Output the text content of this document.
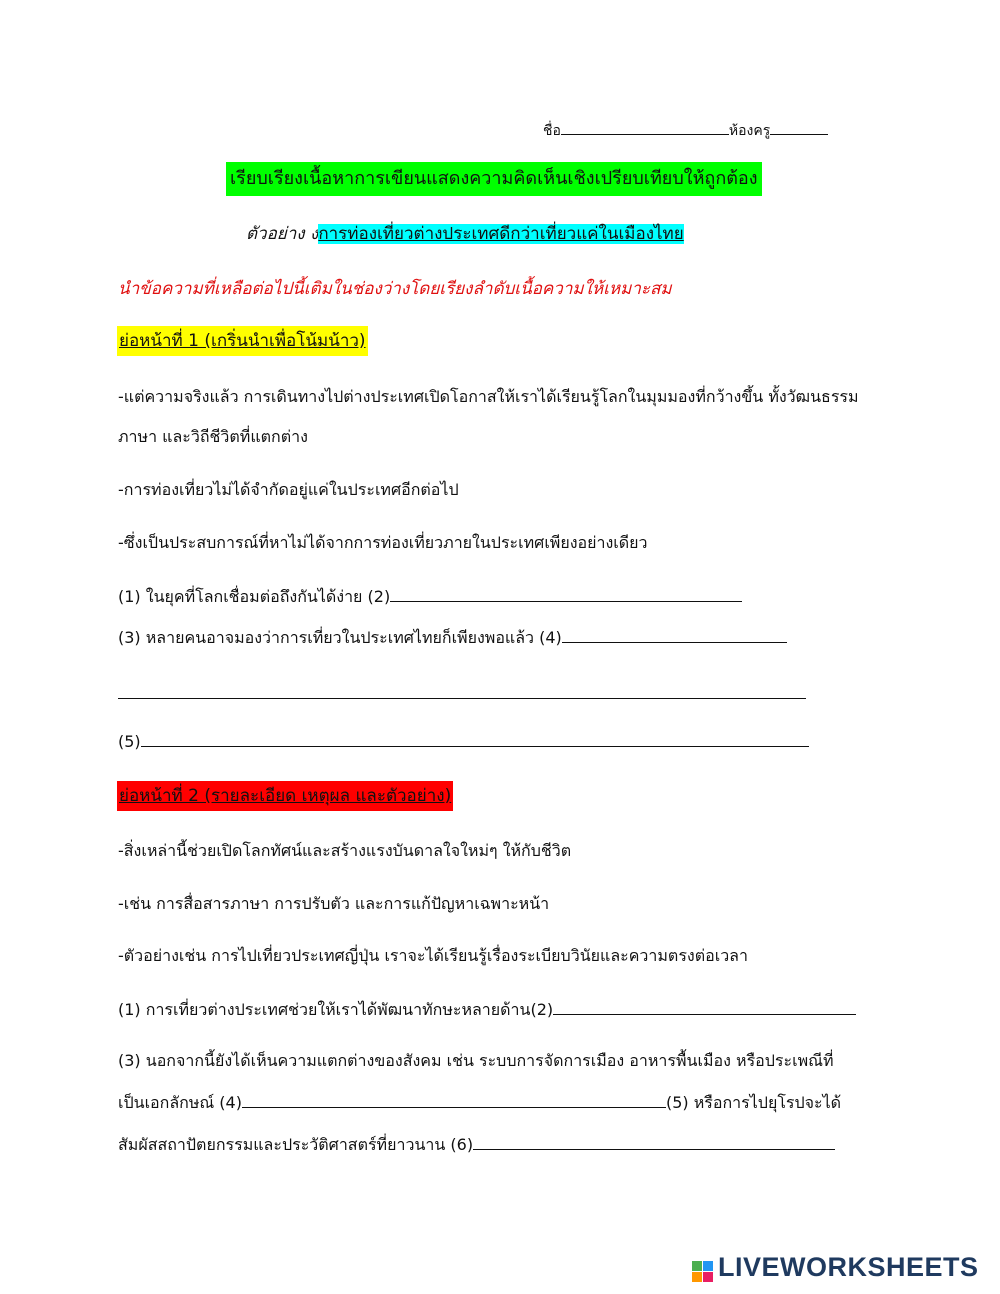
ชื่อ	ห้องครู
เรียบเรียงเนื้อหาการเขียนแสดงความคิดเห็นเชิงเปรียบเทียบให้ถูกต้อง
ตัวอย่าง งการท่องเที่ยวต่างประเทศดีกว่าเที่ยวแค่ในเมืองไทย
นำข้อความที่เหลือต่อไปนี้เติมในช่องว่างโดยเรียงลำดับเนื้อความให้เหมาะสม
ย่อหน้าที่ 1 (เกริ่นนำเพื่อโน้มน้าว)
-แต่ความจริงแล้ว การเดินทางไปต่างประเทศเปิดโอกาสให้เราได้เรียนรู้โลกในมุมมองที่กว้างขึ้น ทั้งวัฒนธรรม
ภาษา และวิถีชีวิตที่แตกต่าง
-การท่องเที่ยวไม่ได้จำกัดอยู่แค่ในประเทศอีกต่อไป
-ซึ่งเป็นประสบการณ์ที่หาไม่ได้จากการท่องเที่ยวภายในประเทศเพียงอย่างเดียว
(1) ในยุคที่โลกเชื่อมต่อถึงกันได้ง่าย (2)
(3) หลายคนอาจมองว่าการเที่ยวในประเทศไทยก็เพียงพอแล้ว (4)
(5)
ย่อหน้าที่ 2 (รายละเอียด เหตุผล และตัวอย่าง)
-สิ่งเหล่านี้ช่วยเปิดโลกทัศน์และสร้างแรงบันดาลใจใหม่ๆ ให้กับชีวิต
-เช่น การสื่อสารภาษา การปรับตัว และการแก้ปัญหาเฉพาะหน้า
-ตัวอย่างเช่น การไปเที่ยวประเทศญี่ปุ่น เราจะได้เรียนรู้เรื่องระเบียบวินัยและความตรงต่อเวลา
(1) การเที่ยวต่างประเทศช่วยให้เราได้พัฒนาทักษะหลายด้าน(2)
(3) นอกจากนี้ยังได้เห็นความแตกต่างของสังคม เช่น ระบบการจัดการเมือง อาหารพื้นเมือง หรือประเพณีที่
เป็นเอกลักษณ์ (4)	(5) หรือการไปยุโรปจะได้
สัมผัสสถาปัตยกรรมและประวัติศาสตร์ที่ยาวนาน (6)
LIVEWORKSHEETS
